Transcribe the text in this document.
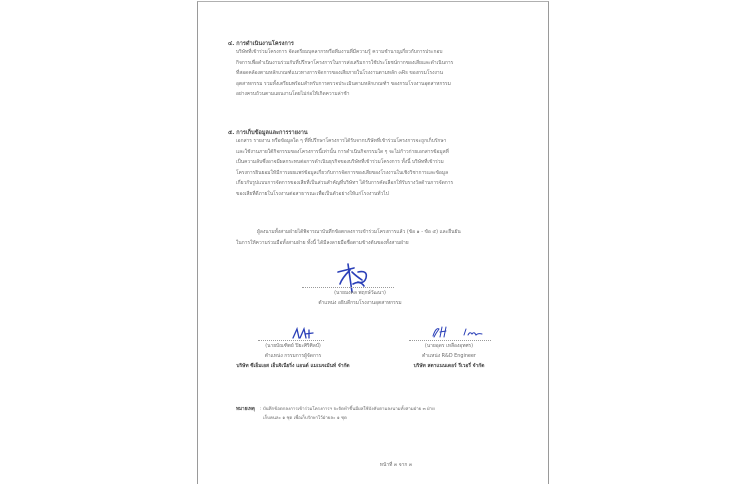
๔. การดำเนินงานโครงการ
บริษัทที่เข้าร่วมโครงการ จัดเตรียมบุคลากรหรือทีมงานที่มีความรู้ ความชำนาญเกี่ยวกับการประกอบ
กิจการเพื่อดำเนินงานร่วมกับที่ปรึกษาโครงการในการส่งเสริมการใช้ประโยชน์กากของเสียและดำเนินการ
ที่สอดคล้องตามหลักเกณฑ์แนวทางการจัดการของเสียภายในโรงงานตามหลัก ๓Rs ของกรมโรงงาน
อุตสาหกรรม รวมทั้งเตรียมพร้อมสำหรับการตรวจประเมินตามหลักเกณฑ์ฯ ของกรมโรงงานอุตสาหกรรม
อย่างครบถ้วนตามแผนงานโดยไม่ก่อให้เกิดความล่าช้า
๕. การเก็บข้อมูลและการรายงาน
เอกสาร รายงาน หรือข้อมูลใด ๆ ที่ที่ปรึกษาโครงการได้รับจากบริษัทที่เข้าร่วมโครงการจะถูกเก็บรักษา
และใช้งานภายใต้กิจกรรมของโครงการนี้เท่านั้น การดำเนินกิจกรรมใด ๆ จะไม่ก้าวก่ายเอกสารข้อมูลที่
เป็นความลับซึ่งอาจมีผลกระทบต่อการดำเนินธุรกิจของบริษัทที่เข้าร่วมโครงการ ทั้งนี้ บริษัทที่เข้าร่วม
โครงการยินยอมให้มีการเผยแพร่ข้อมูลเกี่ยวกับการจัดการของเสียของโรงงานในเชิงวิชาการและข้อมูล
เกี่ยวกับรูปแบบการจัดการของเสียที่เป็นส่วนสำคัญที่บริษัทฯ ได้รับการคัดเลือกให้รับรางวัลด้านการจัดการ
ของเสียที่ดีภายในโรงงานต่อสาธารณะเพื่อเป็นตัวอย่างให้แก่โรงงานทั่วไป
ผู้ลงนามทั้งสามฝ่ายได้พิจารณาบันทึกข้อตกลงการเข้าร่วมโครงการแล้ว (ข้อ ๑ - ข้อ ๕) และยืนยัน
ในการให้ความร่วมมือทั้งสามฝ่าย ทั้งนี้ ได้มีลงลายมือชื่อตามข้างต้นของทั้งสามฝ่าย
(นายมงคล พฤกษ์วัฒนา)
ตำแหน่ง อธิบดีกรมโรงงานอุตสาหกรรม
(นายบัณฑิตย์ ปิยะศิริศิลป์)
ตำแหน่ง กรรมการผู้จัดการ
บริษัท ซีเอ็มเอส เอ็นจิเนียริ่ง แอนด์ แมเนจเม้นท์ จำกัด
(นายอุดร เหลืองอุทศร)
ตำแหน่ง R&D Engineer
บริษัท สตาแนนเดอร์ รีเวอรี่ จำกัด
หมายเหตุ : บันทึกข้อตกลงการเข้าร่วมโครงการฯ จะจัดทำขึ้นมีผลใช้บังคับตามลงนามทั้งสามฝ่าย ๓ ฝ่าย
เก็บคนละ ๑ ชุด เพื่อเก็บรักษาไว้ฝ่ายละ ๑ ชุด
หน้าที่ ๓ จาก ๓
